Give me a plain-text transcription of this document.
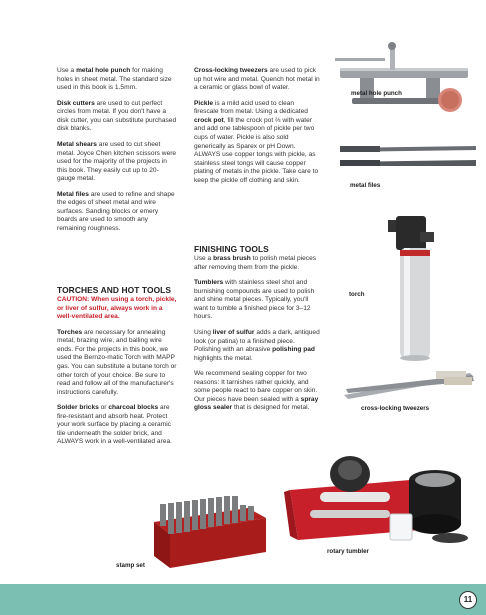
Use a metal hole punch for making holes in sheet metal. The standard size used in this book is 1.5mm.

Disk cutters are used to cut perfect circles from metal. If you don't have a disk cutter, you can substitute purchased disk blanks.

Metal shears are used to cut sheet metal. Joyce Chen kitchen scissors were used for the majority of the projects in this book. They easily cut up to 20-gauge metal.

Metal files are used to refine and shape the edges of sheet metal and wire surfaces. Sanding blocks or emery boards are used to smooth any remaining roughness.

TORCHES AND HOT TOOLS

CAUTION: When using a torch, pickle, or liver of sulfur, always work in a well-ventilated area.

Torches are necessary for annealing metal, brazing wire, and balling wire ends. For the projects in this book, we used the Bernzo-matic Torch with MAPP gas. You can substitute a butane torch or other torch of your choice. Be sure to read and follow all of the manufacturer's instructions carefully.

Solder bricks or charcoal blocks are fire-resistant and absorb heat. Protect your work surface by placing a ceramic tile underneath the solder brick, and ALWAYS work in a well-ventilated area.

Cross-locking tweezers are used to pick up hot wire and metal. Quench hot metal in a ceramic or glass bowl of water.

Pickle is a mild acid used to clean firescale from metal. Using a dedicated crock pot, fill the crock pot ⅔ with water and add one tablespoon of pickle per two cups of water. Pickle is also sold generically as Sparex or pH Down. ALWAYS use copper tongs with pickle, as stainless steel tongs will cause copper plating of metals in the pickle. Take care to keep the pickle off clothing and skin.

FINISHING TOOLS

Use a brass brush to polish metal pieces after removing them from the pickle.

Tumblers with stainless steel shot and burnishing compounds are used to polish and shine metal pieces. Typically, you'll want to tumble a finished piece for 3–12 hours.

Using liver of sulfur adds a dark, antiqued look (or patina) to a finished piece. Polishing with an abrasive polishing pad highlights the metal.

We recommend sealing copper for two reasons: It tarnishes rather quickly, and some people react to bare copper on skin. Our pieces have been sealed with a spray gloss sealer that is designed for metal.

metal hole punch
metal files
torch
cross-locking tweezers
rotary tumbler
stamp set
11
